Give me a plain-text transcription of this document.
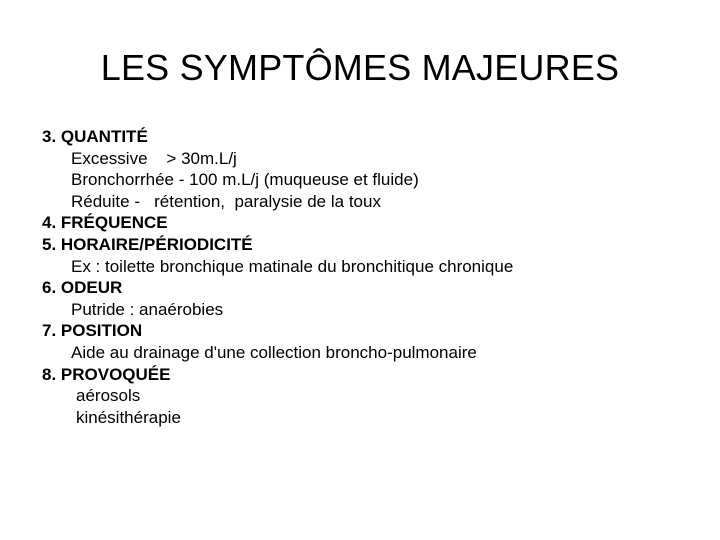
LES SYMPTÔMES MAJEURES
3. QUANTITÉ
Excessive    > 30m.L/j
Bronchorrhée - 100 m.L/j (muqueuse et fluide)
Réduite -   rétention,  paralysie de la toux
4. FRÉQUENCE
5. HORAIRE/PÉRIODICITÉ
Ex : toilette bronchique matinale du bronchitique chronique
6. ODEUR
Putride : anaérobies
7. POSITION
Aide au drainage d'une collection broncho-pulmonaire
8. PROVOQUÉE
aérosols
kinésithérapie
